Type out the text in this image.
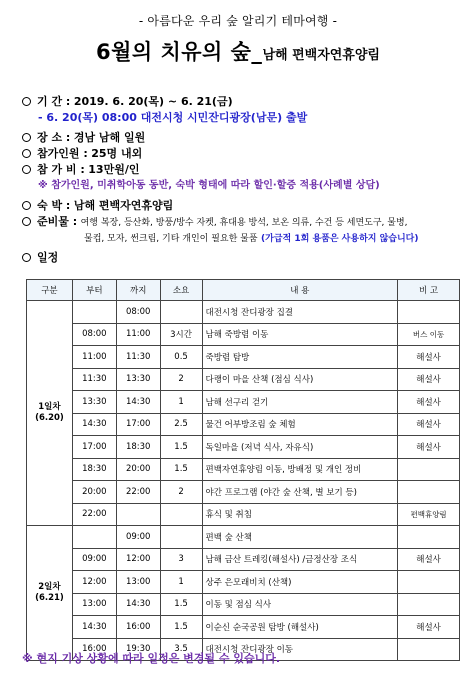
- 아름다운 우리 숲 알리기 테마여행 -
6월의 치유의 숲_남해 편백자연휴양림
기 간 : 2019. 6. 20(목) ~ 6. 21(금)
- 6. 20(목) 08:00 대전시청 시민잔디광장(남문) 출발
장 소 : 경남 남해 일원
참가인원 : 25명 내외
참 가 비 : 13만원/인
※ 참가인원, 미취학아동 동반, 숙박 형태에 따라 할인·할증 적용(사례별 상담)
숙 박 : 남해 편백자연휴양림
준비물 : 여행 복장, 등산화, 방풍/방수 자켓, 휴대용 방석, 보온 의류, 수건 등 세면도구, 물병,
물컵, 모자, 썬크림, 기타 개인이 필요한 물품 (가급적 1회 용품은 사용하지 않습니다)
일정
구분	부터	까지	소요	내 용	비 고

1일차
(6.20)		08:00		대전시청 잔디광장 집결	
	08:00	11:00	3시간	남해 죽방렴 이동	버스 이동
	11:00	11:30	0.5	죽방렴 탐방	해설사
	11:30	13:30	2	다랭이 마을 산책 (점심 식사)	해설사
	13:30	14:30	1	남해 선구리 걷기	해설사
	14:30	17:00	2.5	물건 어부방조림 숲 체험	해설사
	17:00	18:30	1.5	독일마을 (저녁 식사, 자유식)	해설사
	18:30	20:00	1.5	편백자연휴양림 이동, 방배정 및 개인 정비	
	20:00	22:00	2	야간 프로그램 (야간 숲 산책, 별 보기 등)	
	22:00			휴식 및 취침	편백휴양림

2일차
(6.21)		09:00		편백 숲 산책	
	09:00	12:00	3	남해 금산 트레킹(해설사) /금정산장 조식	해설사
	12:00	13:00	1	상주 은모래비치 (산책)	
	13:00	14:30	1.5	이동 및 점심 식사	
	14:30	16:00	1.5	이순신 순국공원 탐방 (해설사)	해설사
	16:00	19:30	3.5	대전시청 잔디광장 이동	
※ 현지 기상 상황에 따라 일정은 변경될 수 있습니다.
